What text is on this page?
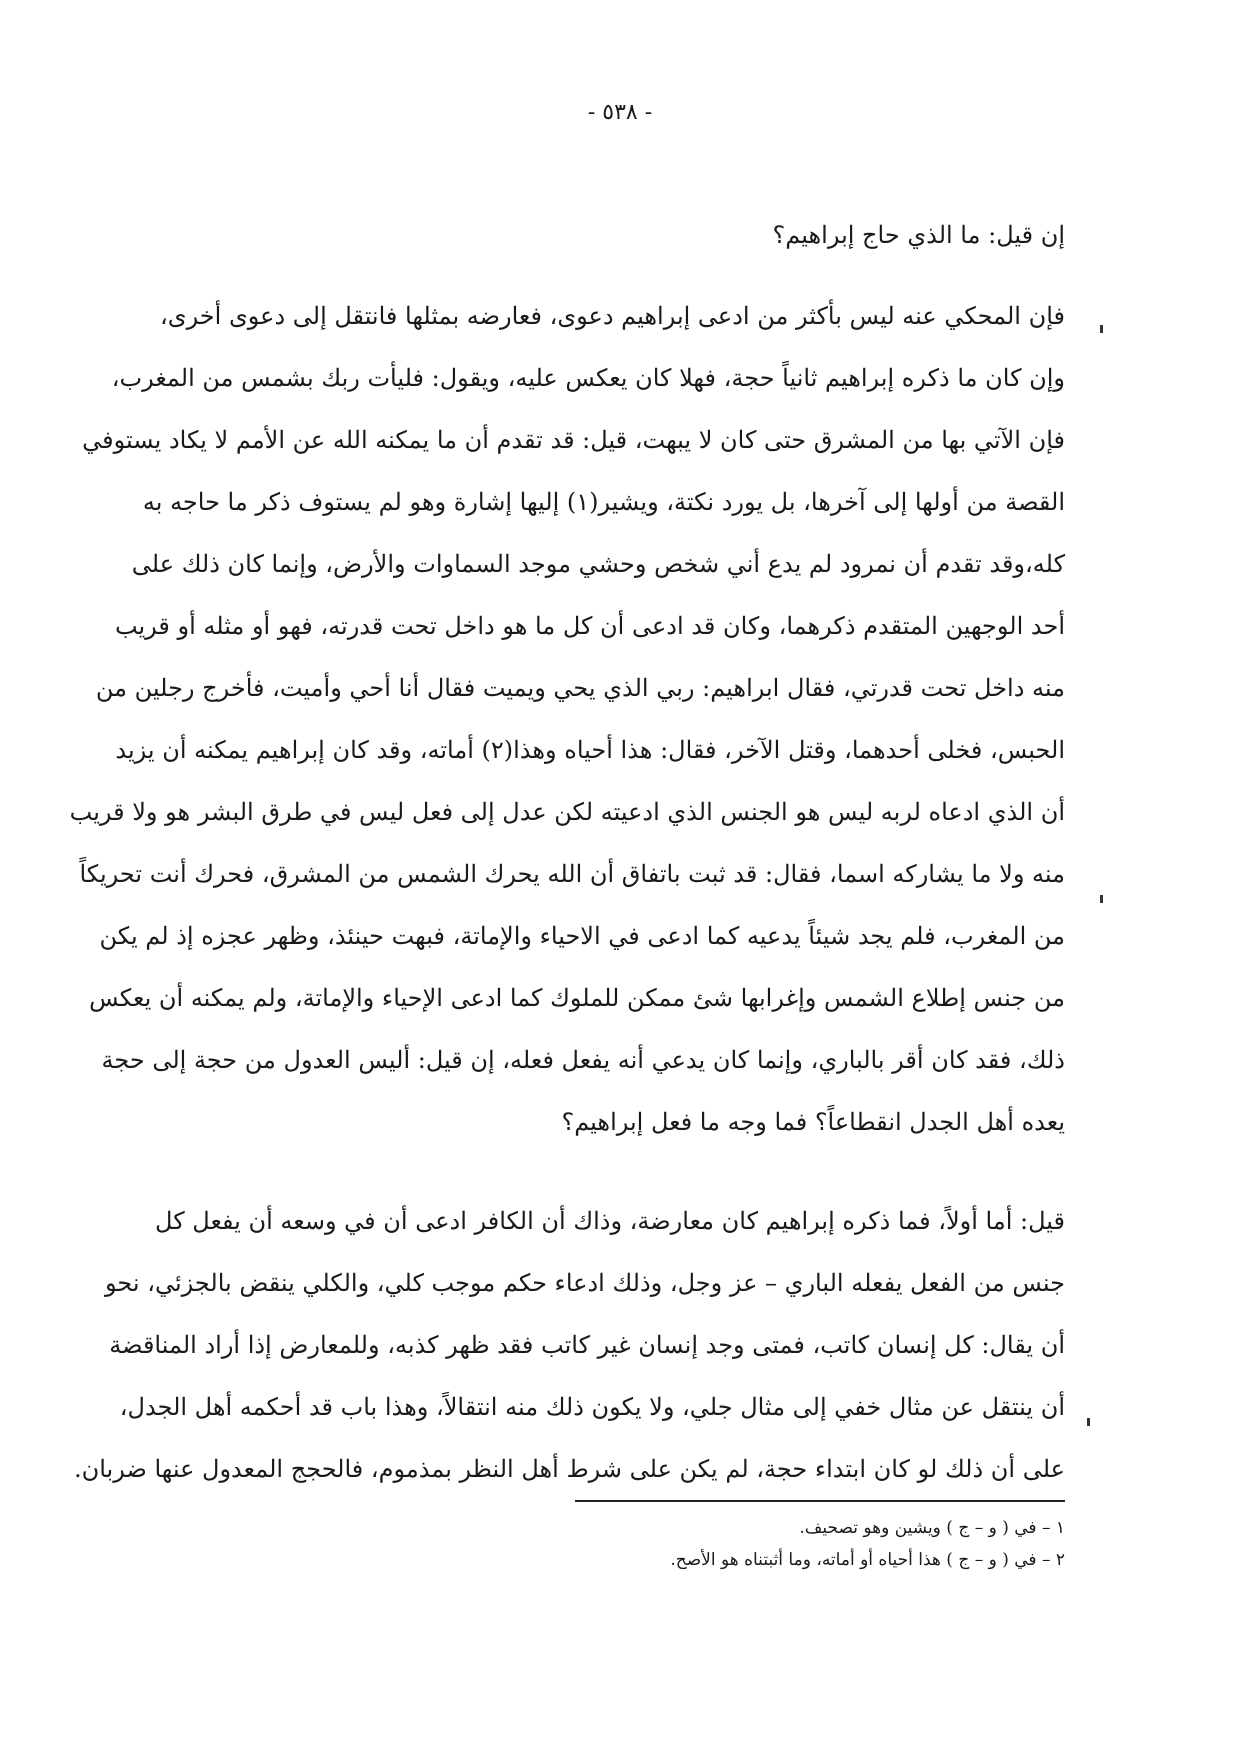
- ٥٣٨ -
إن قيل: ما الذي حاج إبراهيم؟
فإن المحكي عنه ليس بأكثر من ادعى إبراهيم دعوى، فعارضه بمثلها فانتقل إلى دعوى أخرى،
وإن كان ما ذكره إبراهيم ثانياً حجة، فهلا كان يعكس عليه، ويقول: فليأت ربك بشمس من المغرب،
فإن الآتي بها من المشرق حتى كان لا يبهت، قيل: قد تقدم أن ما يمكنه الله عن الأمم لا يكاد يستوفي
القصة من أولها إلى آخرها، بل يورد نكتة، ويشير(١) إليها إشارة وهو لم يستوف ذكر ما حاجه به
كله،وقد تقدم أن نمرود لم يدع أني شخص وحشي موجد السماوات والأرض، وإنما كان ذلك على
أحد الوجهين المتقدم ذكرهما، وكان قد ادعى أن كل ما هو داخل تحت قدرته، فهو أو مثله أو قريب
منه داخل تحت قدرتي، فقال ابراهيم: ربي الذي يحي ويميت فقال أنا أحي وأميت، فأخرج رجلين من
الحبس، فخلى أحدهما، وقتل الآخر، فقال: هذا أحياه وهذا(٢) أماته، وقد كان إبراهيم يمكنه أن يزيد
أن الذي ادعاه لربه ليس هو الجنس الذي ادعيته لكن عدل إلى فعل ليس في طرق البشر هو ولا قريب
منه ولا ما يشاركه اسما، فقال: قد ثبت باتفاق أن الله يحرك الشمس من المشرق، فحرك أنت تحريكاً
من المغرب، فلم يجد شيئاً يدعيه كما ادعى في الاحياء والإماتة، فبهت حينئذ، وظهر عجزه إذ لم يكن
من جنس إطلاع الشمس وإغرابها شئ ممكن للملوك كما ادعى الإحياء والإماتة، ولم يمكنه أن يعكس
ذلك، فقد كان أقر بالباري، وإنما كان يدعي أنه يفعل فعله، إن قيل: أليس العدول من حجة إلى حجة
يعده أهل الجدل انقطاعاً؟ فما وجه ما فعل إبراهيم؟
قيل: أما أولاً، فما ذكره إبراهيم كان معارضة، وذاك أن الكافر ادعى أن في وسعه أن يفعل كل
جنس من الفعل يفعله الباري – عز وجل، وذلك ادعاء حكم موجب كلي، والكلي ينقض بالجزئي، نحو
أن يقال: كل إنسان كاتب، فمتى وجد إنسان غير كاتب فقد ظهر كذبه، وللمعارض إذا أراد المناقضة
أن ينتقل عن مثال خفي إلى مثال جلي، ولا يكون ذلك منه انتقالاً، وهذا باب قد أحكمه أهل الجدل،
على أن ذلك لو كان ابتداء حجة، لم يكن على شرط أهل النظر بمذموم، فالحجج المعدول عنها ضربان.
١ – في ( و – ج ) ويشين وهو تصحيف.
٢ – في ( و – ج ) هذا أحياه أو أماته، وما أثبتناه هو الأصح.
